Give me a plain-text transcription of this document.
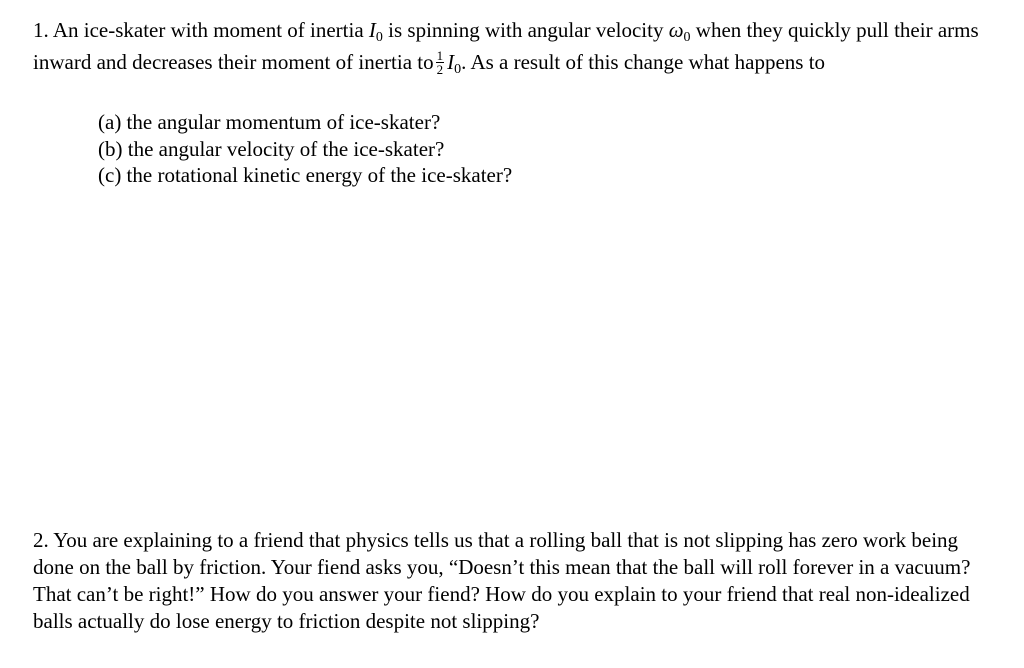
1. An ice-skater with moment of inertia $I_0$ is spinning with angular velocity $\omega_0$ when they quickly pull their arms inward and decreases their moment of inertia to $\frac{1}{2} I_0$. As a result of this change what happens to
(a) the angular momentum of ice-skater?
(b) the angular velocity of the ice-skater?
(c) the rotational kinetic energy of the ice-skater?
2. You are explaining to a friend that physics tells us that a rolling ball that is not slipping has zero work being done on the ball by friction. Your fiend asks you, “Doesn’t this mean that the ball will roll forever in a vacuum? That can’t be right!” How do you answer your fiend? How do you explain to your friend that real non-idealized balls actually do lose energy to friction despite not slipping?
